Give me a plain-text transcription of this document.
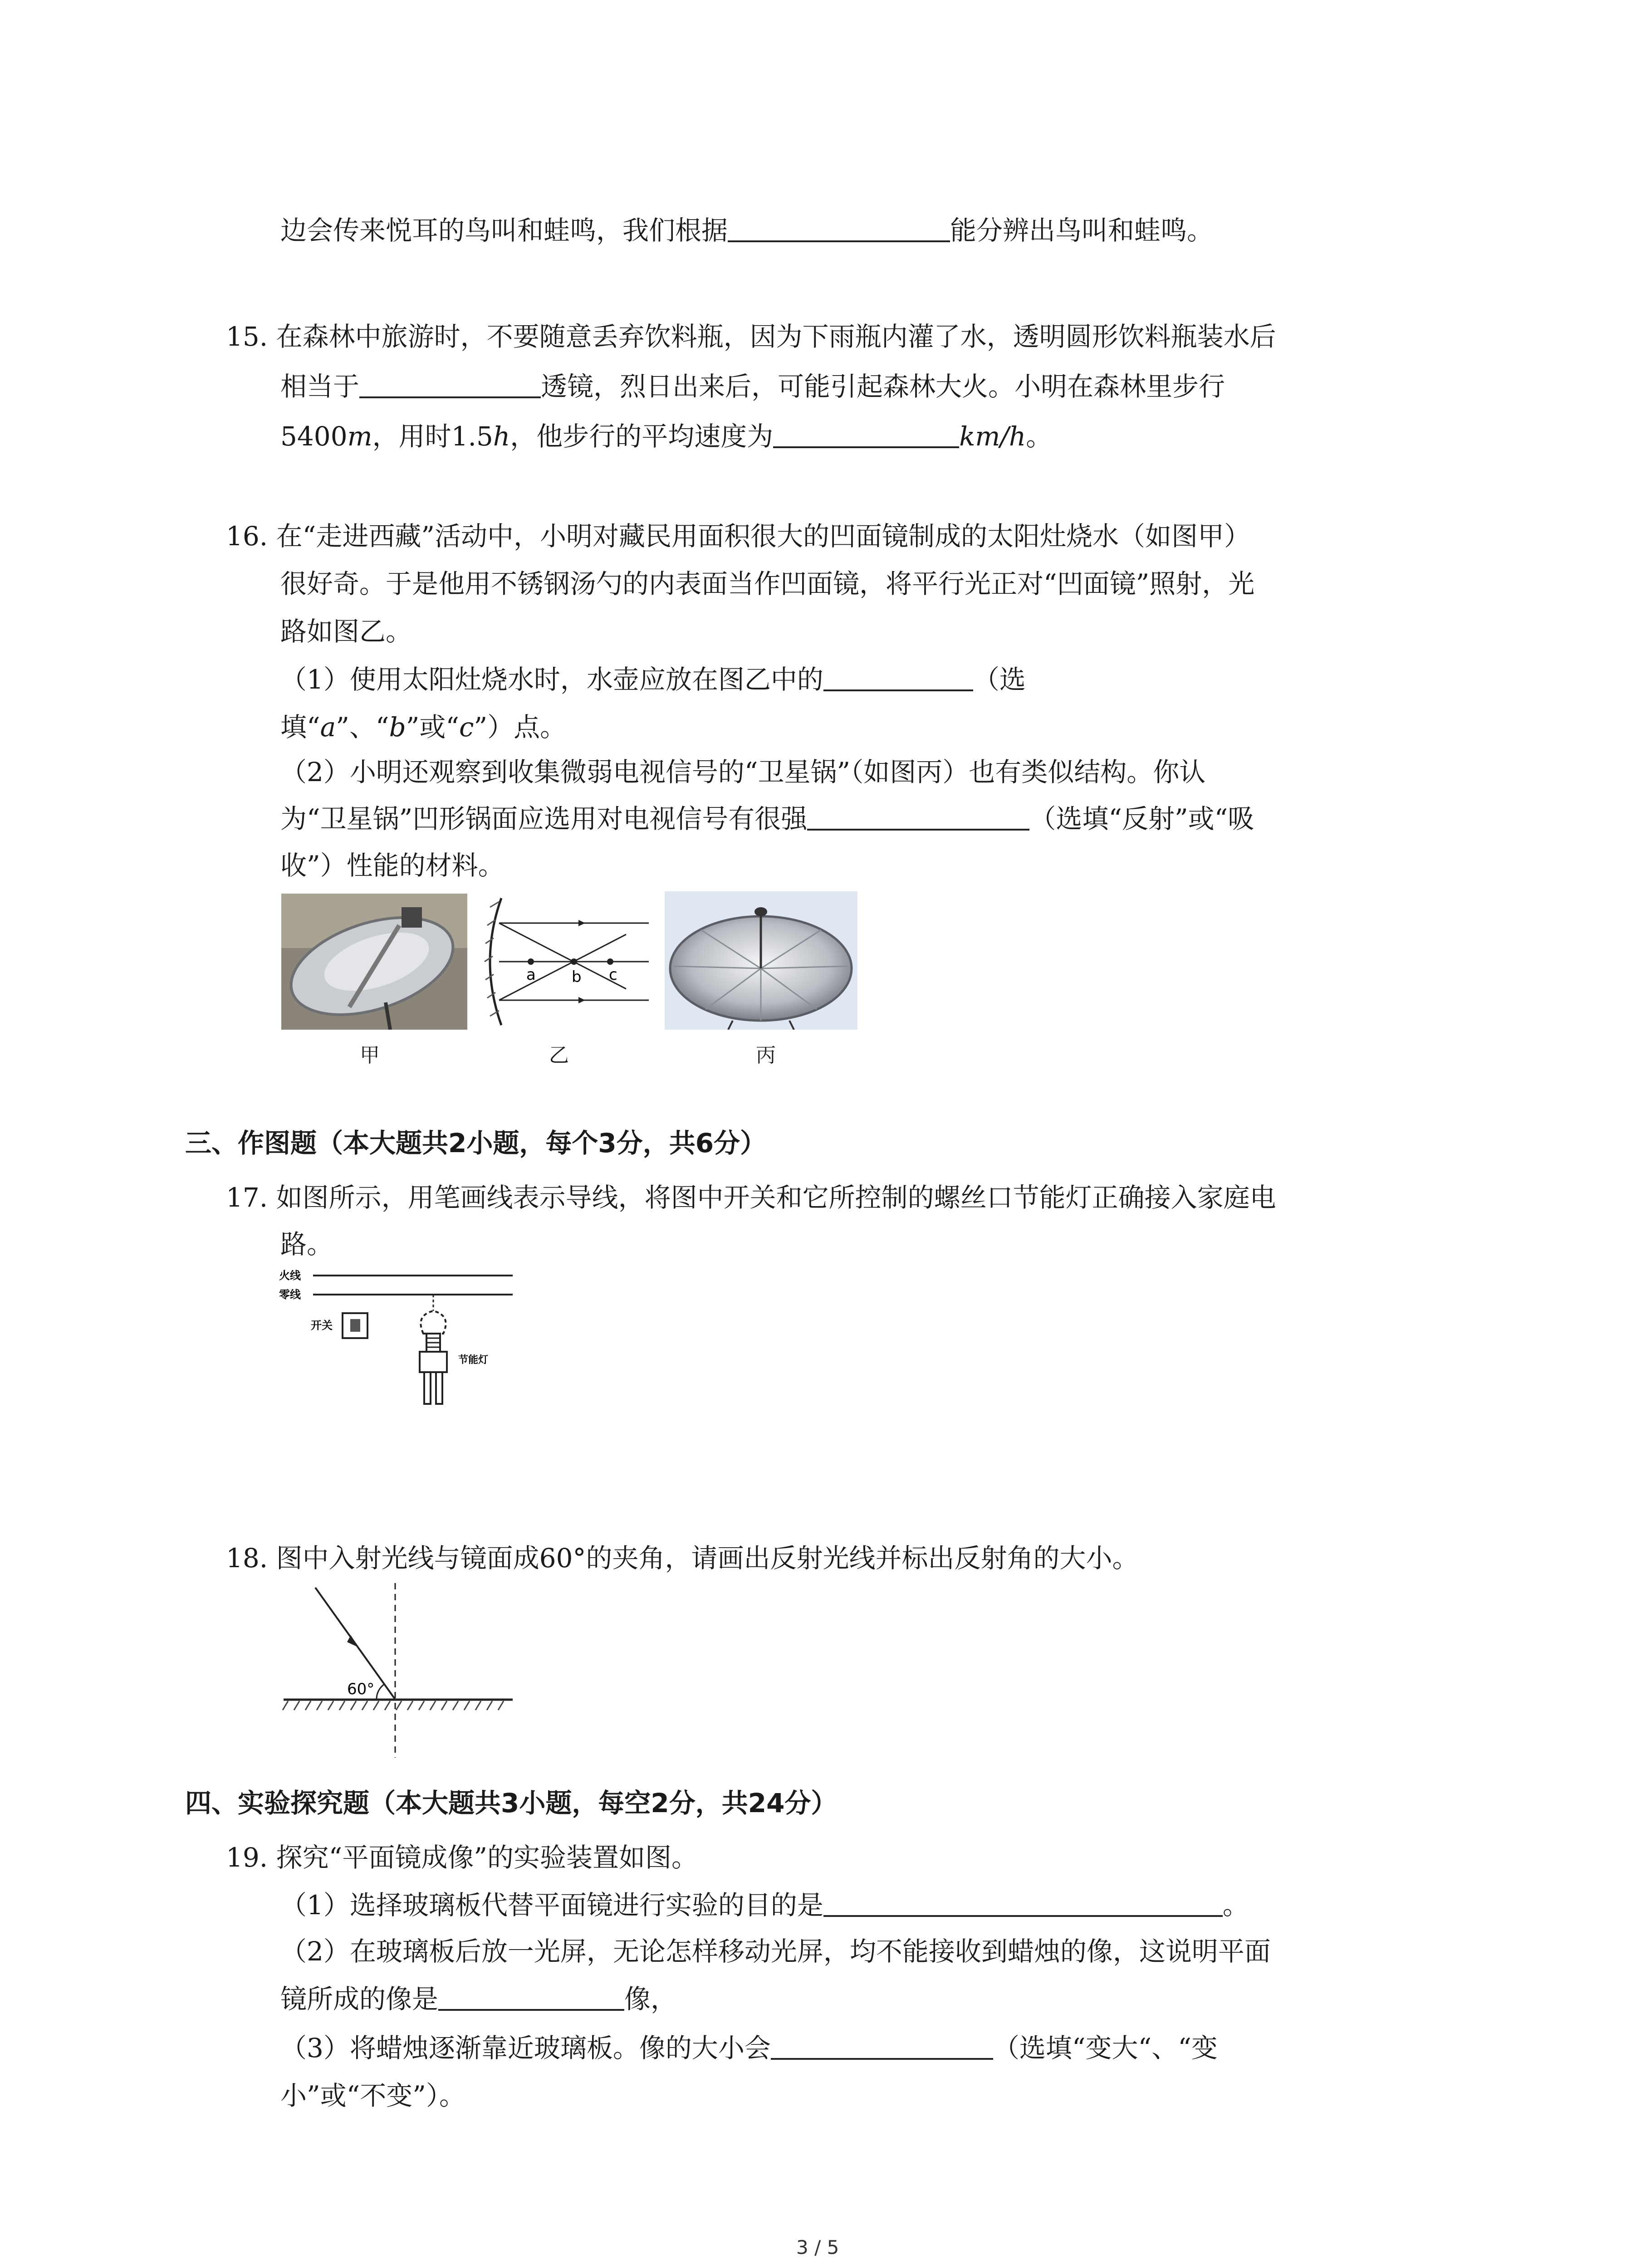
边会传来悦耳的鸟叫和蛙鸣，我们根据	能分辨出鸟叫和蛙鸣。
15. 在森林中旅游时，不要随意丢弃饮料瓶，因为下雨瓶内灌了水，透明圆形饮料瓶装水后
相当于	透镜，烈日出来后，可能引起森林大火。小明在森林里步行
5400m，用时1.5h，他步行的平均速度为	km/h。
16. 在“走进西藏”活动中，小明对藏民用面积很大的凹面镜制成的太阳灶烧水（如图甲）
很好奇。于是他用不锈钢汤勺的内表面当作凹面镜，将平行光正对“凹面镜”照射，光
路如图乙。
（1）使用太阳灶烧水时，水壶应放在图乙中的	（选
填“a”、“b”或“c”）点。
（2）小明还观察到收集微弱电视信号的“卫星锅”（如图丙）也有类似结构。你认
为“卫星锅”凹形锅面应选用对电视信号有很强	（选填“反射”或“吸
收”）性能的材料。
a b c
甲	乙	丙
三、作图题（本大题共2小题，每个3分，共6分）
17. 如图所示，用笔画线表示导线，将图中开关和它所控制的螺丝口节能灯正确接入家庭电
路。
火线
零线
开关
节能灯
18. 图中入射光线与镜面成60°的夹角，请画出反射光线并标出反射角的大小。
60°
四、实验探究题（本大题共3小题，每空2分，共24分）
19. 探究“平面镜成像”的实验装置如图。
（1）选择玻璃板代替平面镜进行实验的目的是	。
（2）在玻璃板后放一光屏，无论怎样移动光屏，均不能接收到蜡烛的像，这说明平面
镜所成的像是	像，
（3）将蜡烛逐渐靠近玻璃板。像的大小会	（选填“变大“、“变
小”或“不变”）。
3 / 5
